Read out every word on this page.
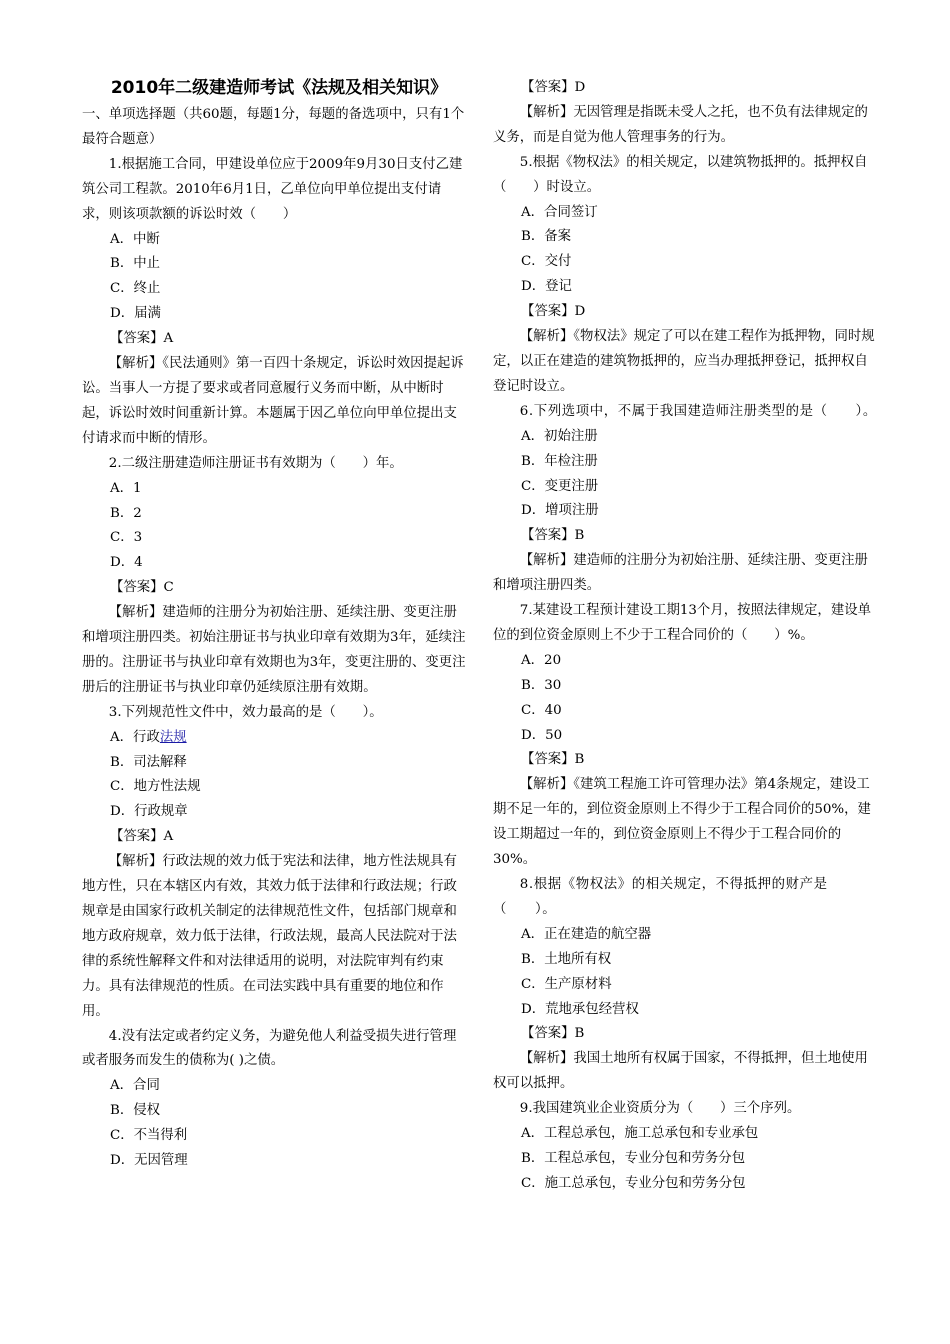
2010年二级建造师考试《法规及相关知识》

一、单项选择题（共60题，每题1分，每题的备选项中，只有1个最符合题意）

1.根据施工合同，甲建设单位应于2009年9月30日支付乙建筑公司工程款。2010年6月1日，乙单位向甲单位提出支付请求，则该项款额的诉讼时效（　　）

A．中断

B．中止

C．终止

D．届满

【答案】A

【解析】《民法通则》第一百四十条规定，诉讼时效因提起诉讼。当事人一方提了要求或者同意履行义务而中断，从中断时起，诉讼时效时间重新计算。本题属于因乙单位向甲单位提出支付请求而中断的情形。

2.二级注册建造师注册证书有效期为（　　）年。

A．1

B．2

C．3

D．4

【答案】C

【解析】建造师的注册分为初始注册、延续注册、变更注册和增项注册四类。初始注册证书与执业印章有效期为3年，延续注册的。注册证书与执业印章有效期也为3年，变更注册的、变更注册后的注册证书与执业印章仍延续原注册有效期。

3.下列规范性文件中，效力最高的是（　　）。

A．行政法规

B．司法解释

C．地方性法规

D．行政规章

【答案】A

【解析】行政法规的效力低于宪法和法律，地方性法规具有地方性，只在本辖区内有效，其效力低于法律和行政法规；行政规章是由国家行政机关制定的法律规范性文件，包括部门规章和地方政府规章，效力低于法律，行政法规，最高人民法院对于法律的系统性解释文件和对法律适用的说明，对法院审判有约束力。具有法律规范的性质。在司法实践中具有重要的地位和作用。

4.没有法定或者约定义务，为避免他人利益受损失进行管理或者服务而发生的债称为( )之债。

A．合同

B．侵权

C．不当得利

D．无因管理

【答案】D

【解析】无因管理是指既未受人之托，也不负有法律规定的义务，而是自觉为他人管理事务的行为。

5.根据《物权法》的相关规定，以建筑物抵押的。抵押权自（　　）时设立。

A．合同签订

B．备案

C．交付

D．登记

【答案】D

【解析】《物权法》规定了可以在建工程作为抵押物，同时规定，以正在建造的建筑物抵押的，应当办理抵押登记，抵押权自登记时设立。

6.下列选项中，不属于我国建造师注册类型的是（　　）。

A．初始注册

B．年检注册

C．变更注册

D．增项注册

【答案】B

【解析】建造师的注册分为初始注册、延续注册、变更注册和增项注册四类。

7.某建设工程预计建设工期13个月，按照法律规定，建设单位的到位资金原则上不少于工程合同价的（　　）%。

A．20

B．30

C．40

D．50

【答案】B

【解析】《建筑工程施工许可管理办法》第4条规定，建设工期不足一年的，到位资金原则上不得少于工程合同价的50%，建设工期超过一年的，到位资金原则上不得少于工程合同价的30%。

8.根据《物权法》的相关规定，不得抵押的财产是（　　）。

A．正在建造的航空器

B．土地所有权

C．生产原材料

D．荒地承包经营权

【答案】B

【解析】我国土地所有权属于国家，不得抵押，但土地使用权可以抵押。

9.我国建筑业企业资质分为（　　）三个序列。

A．工程总承包，施工总承包和专业承包

B．工程总承包，专业分包和劳务分包

C．施工总承包，专业分包和劳务分包
